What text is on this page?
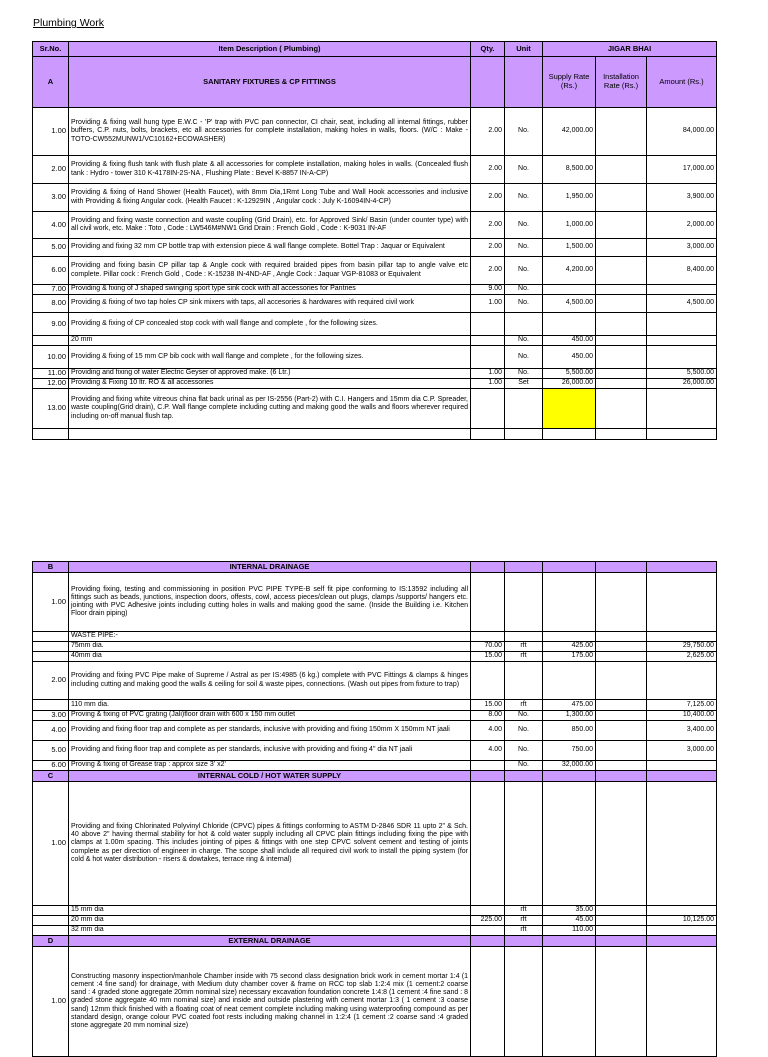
Plumbing Work
Sr.No.	Item Description ( Plumbing)	Qty.	Unit	JIGAR BHAI		
A	SANITARY FIXTURES & CP FITTINGS			Supply Rate (Rs.)	Installation Rate (Rs.)	Amount (Rs.)
1.00	Providing & fixing wall hung type E.W.C - 'P' trap with PVC pan connector, CI chair, seat, including all internal fittings, rubber buffers, C.P. nuts, bolts, brackets, etc all accessories for complete installation, making holes in walls, floors. (W/C : Make - TOTO-CW552MUNW1/VC10162+ECOWASHER)	2.00	No.	42,000.00		84,000.00
2.00	Providing & fixing flush tank with flush plate & all accessories for complete installation, making holes in walls. (Concealed flush tank : Hydro - tower 310 K-4178IN-2S-NA , Flushing Plate : Bevel K-8857 IN-A-CP)	2.00	No.	8,500.00		17,000.00
3.00	Providing & fixing of Hand Shower (Health Faucet), with 8mm Dia,1Rmt Long Tube and Wall Hook accessories and inclusive with Providing & fixing Angular cock. (Health Faucet : K-12929IN , Angular cock : July K-16094IN-4-CP)	2.00	No.	1,950.00		3,900.00
4.00	Providing and fixing waste connection and waste coupling (Grid Drain), etc. for Approved Sink/ Basin (under counter type) with all civil work, etc. Make : Toto , Code : LW546M#NW1 Grid Drain : French Gold , Code : K-9031 IN-AF	2.00	No.	1,000.00		2,000.00
5.00	Providing and fixing 32 mm CP bottle trap with extension piece & wall flange complete. Bottel Trap : Jaquar or Equivalent	2.00	No.	1,500.00		3,000.00
6.00	Providing and fixing basin CP pillar tap & Angle cock with required braided pipes from basin pillar tap to angle valve etc complete. Pillar cock : French Gold , Code : K-15238 IN-4ND-AF , Angle Cock : Jaquar VGP-81083 or Equivalent	2.00	No.	4,200.00		8,400.00
7.00	Providing & fixing of J shaped swinging sport type sink cock with all accessories for Pantries	9.00	No.			
8.00	Providing & fixing of two tap holes CP sink mixers with taps, all accesories & hardwares with required civil work	1.00	No.	4,500.00		4,500.00
9.00	Providing & fixing of CP concealed stop cock with wall flange and complete , for the following sizes.					
	20 mm		No.	450.00		
10.00	Providing & fixing of 15 mm CP bib cock with wall flange and complete , for the following sizes.		No.	450.00		
11.00	Providing and fixing of water Electric Geyser of approved make. (6 Ltr.)	1.00	No.	5,500.00		5,500.00
12.00	Providing & Fixing 10 ltr. RO & all accessories	1.00	Set	26,000.00		26,000.00
13.00	Providing and fixing white vitreous china flat back urinal as per IS-2556 (Part-2) with C.I. Hangers and 15mm dia C.P. Spreader, waste coupling(Grid drain), C.P. Wall flange complete including cutting and making good the walls and floors wherever required including on-off manual flush tap.					

B	INTERNAL DRAINAGE					
1.00	Providing fixing, testing and commissioning in position PVC PIPE TYPE-B self fit pipe conforming to IS:13592 including all fittings such as beads, junctions, inspection doors, offests, cowl, access pieces/clean out plugs, clamps /supports/ hangers etc. jointing with PVC Adhesive joints including cutting holes in walls and making good the same. (Inside the Building i.e. Kitchen Floor drain piping)					
	WASTE PIPE:-					
	75mm dia.	70.00	rft	425.00		29,750.00
	40mm dia	15.00	rft	175.00		2,625.00
2.00	Providing and fixing PVC Pipe make of Supreme / Astral as per IS:4985 (6 kg.) complete with PVC Fittings & clamps & hinges including cutting and making good the walls & ceiling for soil & waste pipes, connections. (Wash out pipes from fixture to trap)					
	110 mm dia.	15.00	rft	475.00		7,125.00
3.00	Proving & fixing of PVC grating (Jali)floor drain with 600 x 150 mm outlet	8.00	No.	1,300.00		10,400.00
4.00	Providing and fixing floor trap and complete as per standards, inclusive with providing and fixing 150mm X 150mm NT jaali	4.00	No.	850.00		3,400.00
5.00	Providing and fixing floor trap and complete as per standards, inclusive with providing and fixing 4" dia NT jaali	4.00	No.	750.00		3,000.00
6.00	Proving & fixing of Grease trap : approx size 3' x2'		No.	32,000.00		
C	INTERNAL COLD / HOT WATER SUPPLY					
1.00	Providing and fixing Chlorinated Polyvinyl Chloride (CPVC) pipes & fittings conforming to ASTM D-2846 SDR 11 upto 2" & Sch. 40 above 2" having thermal stability for hot & cold water supply including all CPVC plain fittings including fixing the pipe with clamps at 1.00m spacing. This includes jointing of pipes & fittings with one step CPVC solvent cement and testing of joints complete as per direction of engineer in charge. The scope shall include all required civil work to install the piping system (for cold & hot water distribution - risers & dowtakes, terrace ring & internal)					
	15 mm dia		rft	35.00		
	20 mm dia	225.00	rft	45.00		10,125.00
	32 mm dia		rft	110.00		
D	EXTERNAL DRAINAGE					
1.00	Constructing masonry inspection/manhole Chamber inside with 75 second class designation brick work in cement mortar 1:4 (1 cement :4 fine sand) for drainage, with Medium duty chamber cover & frame on RCC top slab 1:2:4 mix (1 cement:2 coarse sand : 4 graded stone aggregate 20mm nominal size) necessary excavation foundation concrete 1:4:8 (1 cement :4 fine sand : 8 graded stone aggregate 40 mm nominal size) and inside and outside plastering with cement mortar 1:3 ( 1 cement :3 coarse sand) 12mm thick finished with a floating coat of neat cement complete including making using waterproofing compound as per standard design, orange colour PVC coated foot rests including making channel in 1:2:4 (1 cement :2 coarse sand :4 graded stone aggregate 20 mm nominal size)					
